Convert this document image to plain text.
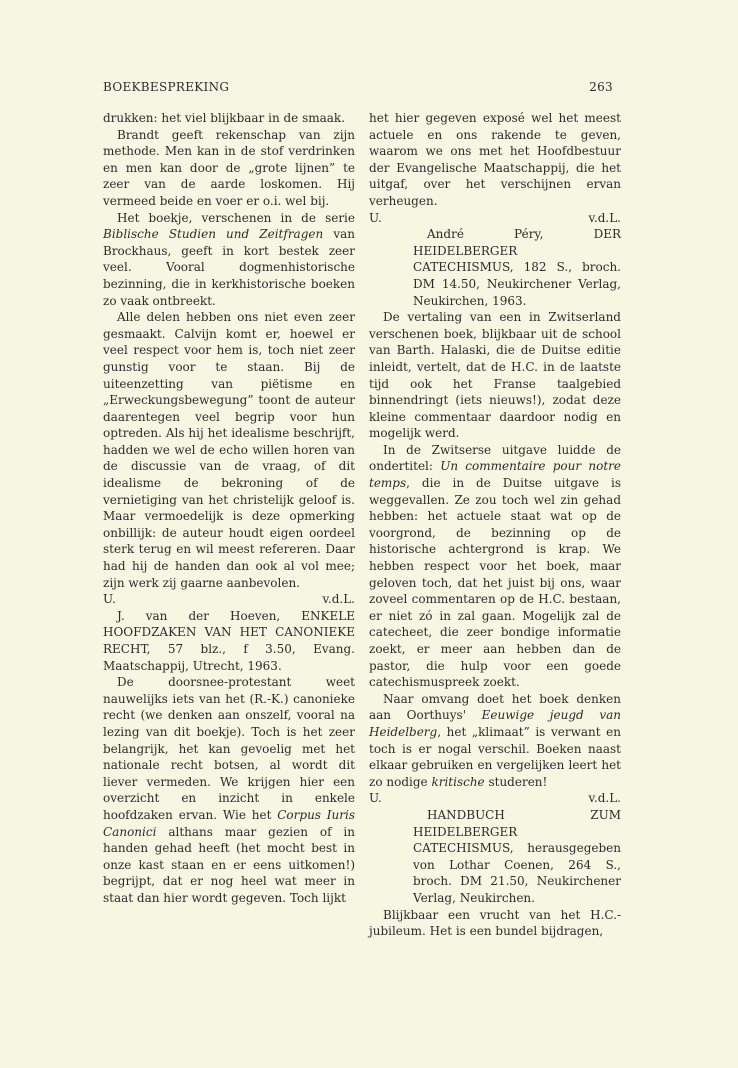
BOEKBESPREKING	263

drukken: het viel blijkbaar in de smaak.

Brandt geeft rekenschap van zijn methode. Men kan in de stof verdrinken en men kan door de „grote lijnen” te zeer van de aarde loskomen. Hij vermeed beide en voer er o.i. wel bij.

Het boekje, verschenen in de serie Biblische Studien und Zeitfragen van Brockhaus, geeft in kort bestek zeer veel. Vooral dogmenhistorische bezinning, die in kerkhistorische boeken zo vaak ontbreekt.

Alle delen hebben ons niet even zeer gesmaakt. Calvijn komt er, hoewel er veel respect voor hem is, toch niet zeer gunstig voor te staan. Bij de uiteenzetting van piëtisme en „Erweckungsbewegung” toont de auteur daarentegen veel begrip voor hun optreden. Als hij het idealisme beschrijft, hadden we wel de echo willen horen van de discussie van de vraag, of dit idealisme de bekroning of de vernietiging van het christelijk geloof is. Maar vermoedelijk is deze opmerking onbillijk: de auteur houdt eigen oordeel sterk terug en wil meest refereren. Daar had hij de handen dan ook al vol mee; zijn werk zij gaarne aanbevolen.

U.	v.d.L.

J. van der Hoeven, ENKELE HOOFDZAKEN VAN HET CANONIEKE RECHT, 57 blz., f 3.50, Evang. Maatschappij, Utrecht, 1963.

De doorsnee-protestant weet nauwelijks iets van het (R.-K.) canonieke recht (we denken aan onszelf, vooral na lezing van dit boekje). Toch is het zeer belangrijk, het kan gevoelig met het nationale recht botsen, al wordt dit liever vermeden. We krijgen hier een overzicht en inzicht in enkele hoofdzaken ervan. Wie het Corpus Iuris Canonici althans maar gezien of in handen gehad heeft (het mocht best in onze kast staan en er eens uitkomen!) begrijpt, dat er nog heel wat meer in staat dan hier wordt gegeven. Toch lijkt

het hier gegeven exposé wel het meest actuele en ons rakende te geven, waarom we ons met het Hoofdbestuur der Evangelische Maatschappij, die het uitgaf, over het verschijnen ervan verheugen.

U.	v.d.L.

André Péry, DER HEIDELBERGER CATECHISMUS, 182 S., broch. DM 14.50, Neukirchener Verlag, Neukirchen, 1963.

De vertaling van een in Zwitserland verschenen boek, blijkbaar uit de school van Barth. Halaski, die de Duitse editie inleidt, vertelt, dat de H.C. in de laatste tijd ook het Franse taalgebied binnendringt (iets nieuws!), zodat deze kleine commentaar daardoor nodig en mogelijk werd.

In de Zwitserse uitgave luidde de ondertitel: Un commentaire pour notre temps, die in de Duitse uitgave is weggevallen. Ze zou toch wel zin gehad hebben: het actuele staat wat op de voorgrond, de bezinning op de historische achtergrond is krap. We hebben respect voor het boek, maar geloven toch, dat het juist bij ons, waar zoveel commentaren op de H.C. bestaan, er niet zó in zal gaan. Mogelijk zal de catecheet, die zeer bondige informatie zoekt, er meer aan hebben dan de pastor, die hulp voor een goede catechismuspreek zoekt.

Naar omvang doet het boek denken aan Oorthuys' Eeuwige jeugd van Heidelberg, het „klimaat” is verwant en toch is er nogal verschil. Boeken naast elkaar gebruiken en vergelijken leert het zo nodige kritische studeren!

U.	v.d.L.

HANDBUCH ZUM HEIDELBERGER CATECHISMUS, herausgegeben von Lothar Coenen, 264 S., broch. DM 21.50, Neukirchener Verlag, Neukirchen.

Blijkbaar een vrucht van het H.C.-jubileum. Het is een bundel bijdragen,
